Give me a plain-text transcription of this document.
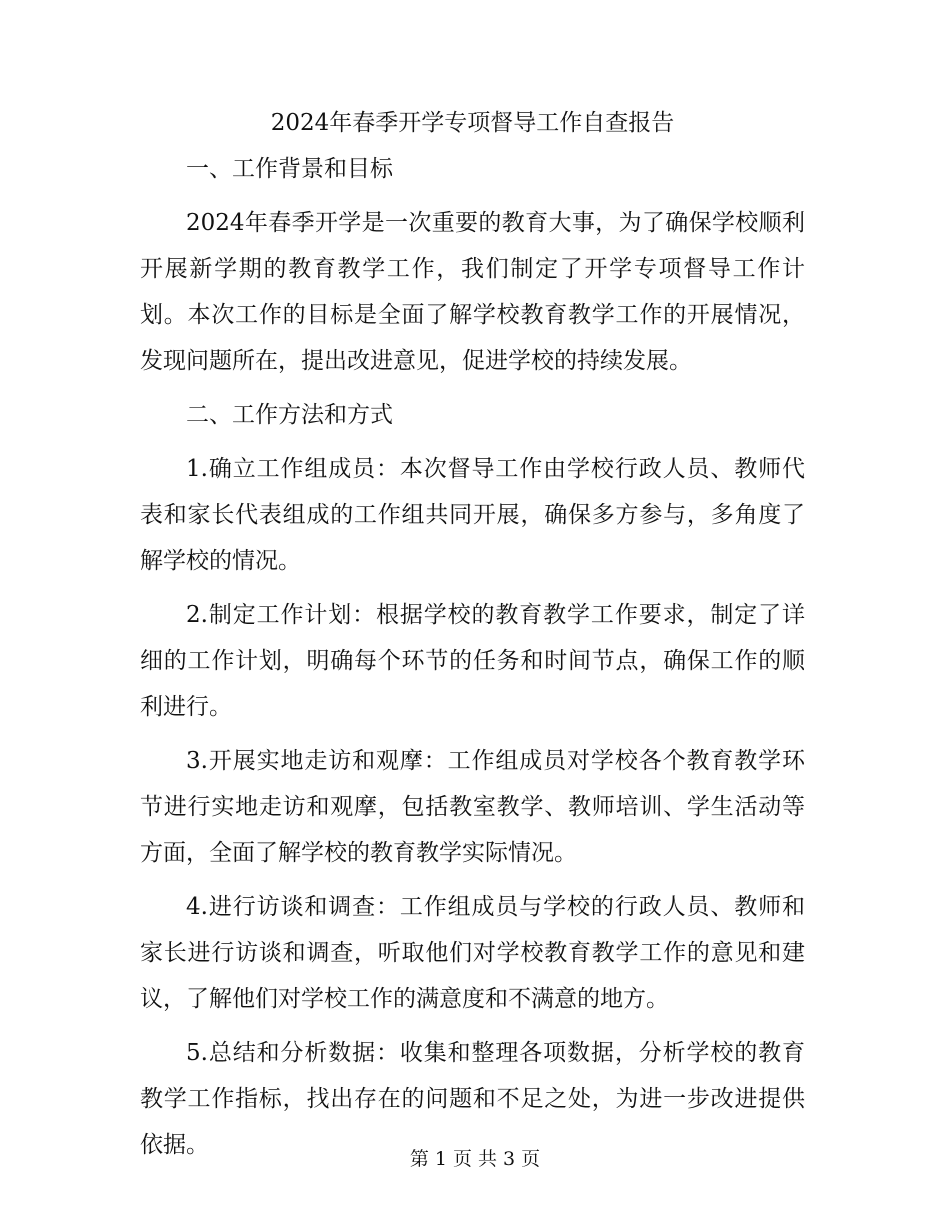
2024年春季开学专项督导工作自查报告

一、工作背景和目标

2024年春季开学是一次重要的教育大事，为了确保学校顺利开展新学期的教育教学工作，我们制定了开学专项督导工作计划。本次工作的目标是全面了解学校教育教学工作的开展情况，发现问题所在，提出改进意见，促进学校的持续发展。

二、工作方法和方式

1.确立工作组成员：本次督导工作由学校行政人员、教师代表和家长代表组成的工作组共同开展，确保多方参与，多角度了解学校的情况。

2.制定工作计划：根据学校的教育教学工作要求，制定了详细的工作计划，明确每个环节的任务和时间节点，确保工作的顺利进行。

3.开展实地走访和观摩：工作组成员对学校各个教育教学环节进行实地走访和观摩，包括教室教学、教师培训、学生活动等方面，全面了解学校的教育教学实际情况。

4.进行访谈和调查：工作组成员与学校的行政人员、教师和家长进行访谈和调查，听取他们对学校教育教学工作的意见和建议，了解他们对学校工作的满意度和不满意的地方。

5.总结和分析数据：收集和整理各项数据，分析学校的教育教学工作指标，找出存在的问题和不足之处，为进一步改进提供依据。

第 1 页 共 3 页
